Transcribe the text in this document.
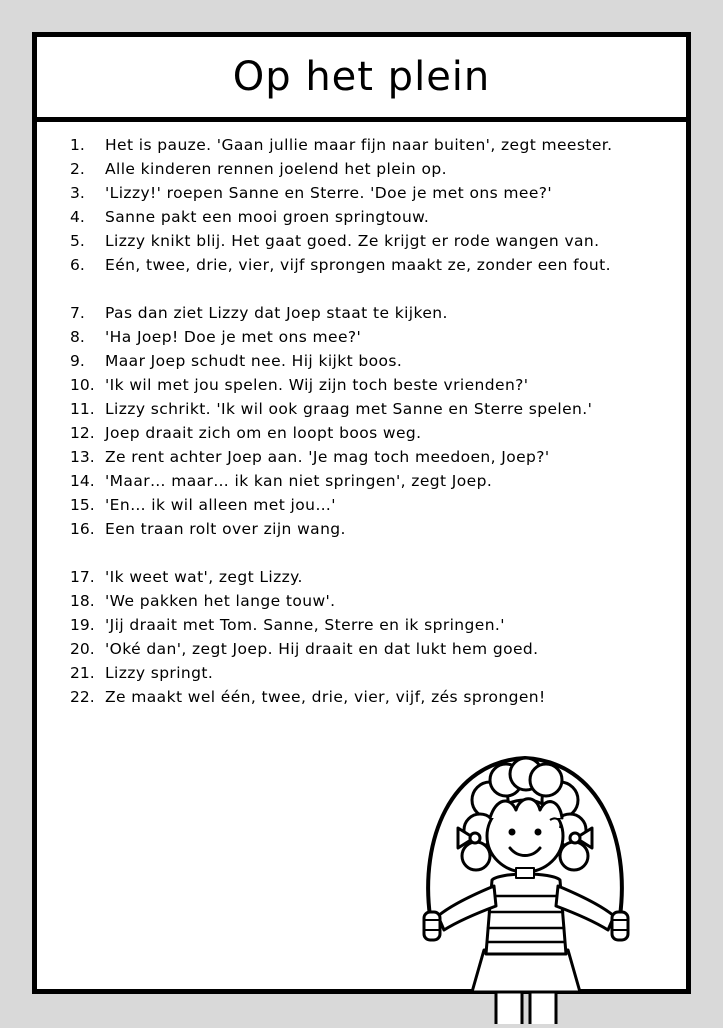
Op het plein
1.	Het is pauze. 'Gaan jullie maar fijn naar buiten', zegt meester.
2.	Alle kinderen rennen joelend het plein op.
3.	'Lizzy!' roepen Sanne en Sterre. 'Doe je met ons mee?'
4.	Sanne pakt een mooi groen springtouw.
5.	Lizzy knikt blij. Het gaat goed. Ze krijgt er rode wangen van.
6.	Eén, twee, drie, vier, vijf sprongen maakt ze, zonder een fout.
7.	Pas dan ziet Lizzy dat Joep staat te kijken.
8.	'Ha Joep! Doe je met ons mee?'
9.	Maar Joep schudt nee. Hij kijkt boos.
10. 'Ik wil met jou spelen. Wij zijn toch beste vrienden?'
11. Lizzy schrikt. 'Ik wil ook graag met Sanne en Sterre spelen.'
12. Joep draait zich om en loopt boos weg.
13. Ze rent achter Joep aan. 'Je mag toch meedoen, Joep?'
14. 'Maar… maar… ik kan niet springen', zegt Joep.
15. 'En… ik wil alleen met jou…'
16. Een traan rolt over zijn wang.
17. 'Ik weet wat', zegt Lizzy.
18. 'We pakken het lange touw'.
19. 'Jij draait met Tom. Sanne, Sterre en ik springen.'
20. 'Oké dan', zegt Joep. Hij draait en dat lukt hem goed.
21. Lizzy springt.
22. Ze maakt wel één, twee, drie, vier, vijf, zés sprongen!
